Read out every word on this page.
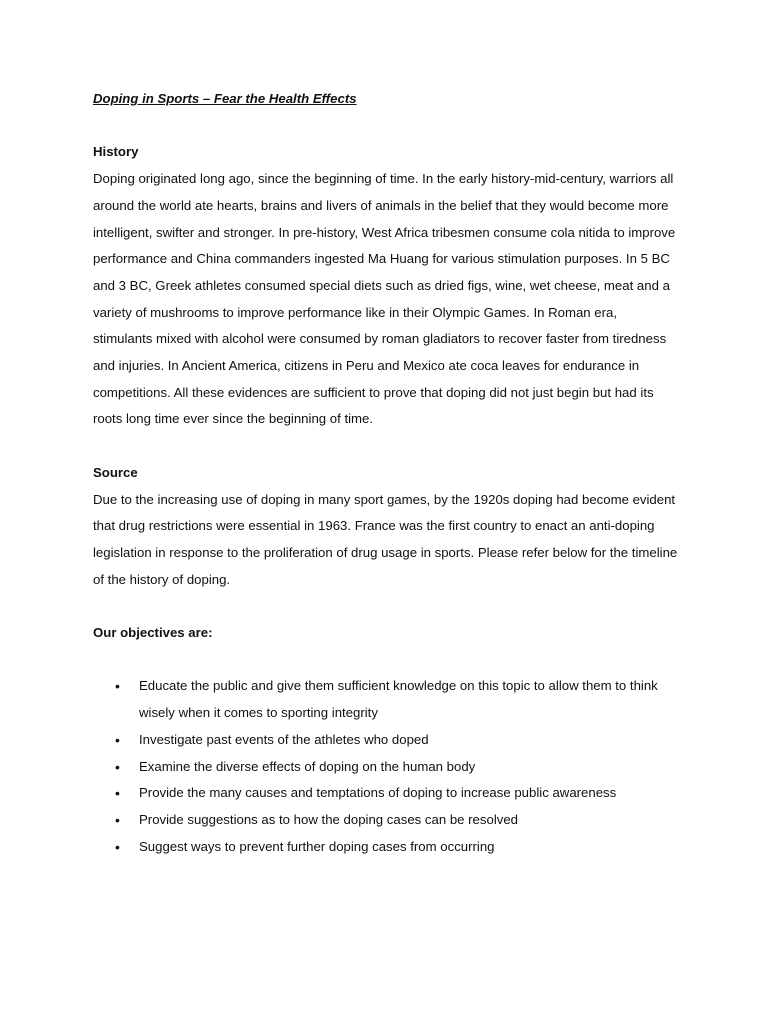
Doping in Sports – Fear the Health Effects

History

Doping originated long ago, since the beginning of time. In the early history-mid-century, warriors all around the world ate hearts, brains and livers of animals in the belief that they would become more intelligent, swifter and stronger. In pre-history, West Africa tribesmen consume cola nitida to improve performance and China commanders ingested Ma Huang for various stimulation purposes. In 5 BC and 3 BC, Greek athletes consumed special diets such as dried figs, wine, wet cheese, meat and a variety of mushrooms to improve performance like in their Olympic Games. In Roman era, stimulants mixed with alcohol were consumed by roman gladiators to recover faster from tiredness and injuries. In Ancient America, citizens in Peru and Mexico ate coca leaves for endurance in competitions. All these evidences are sufficient to prove that doping did not just begin but had its roots long time ever since the beginning of time.

Source

Due to the increasing use of doping in many sport games, by the 1920s doping had become evident that drug restrictions were essential in 1963. France was the first country to enact an anti-doping legislation in response to the proliferation of drug usage in sports. Please refer below for the timeline of the history of doping.

Our objectives are:

• Educate the public and give them sufficient knowledge on this topic to allow them to think wisely when it comes to sporting integrity
• Investigate past events of the athletes who doped
• Examine the diverse effects of doping on the human body
• Provide the many causes and temptations of doping to increase public awareness
• Provide suggestions as to how the doping cases can be resolved
• Suggest ways to prevent further doping cases from occurring
